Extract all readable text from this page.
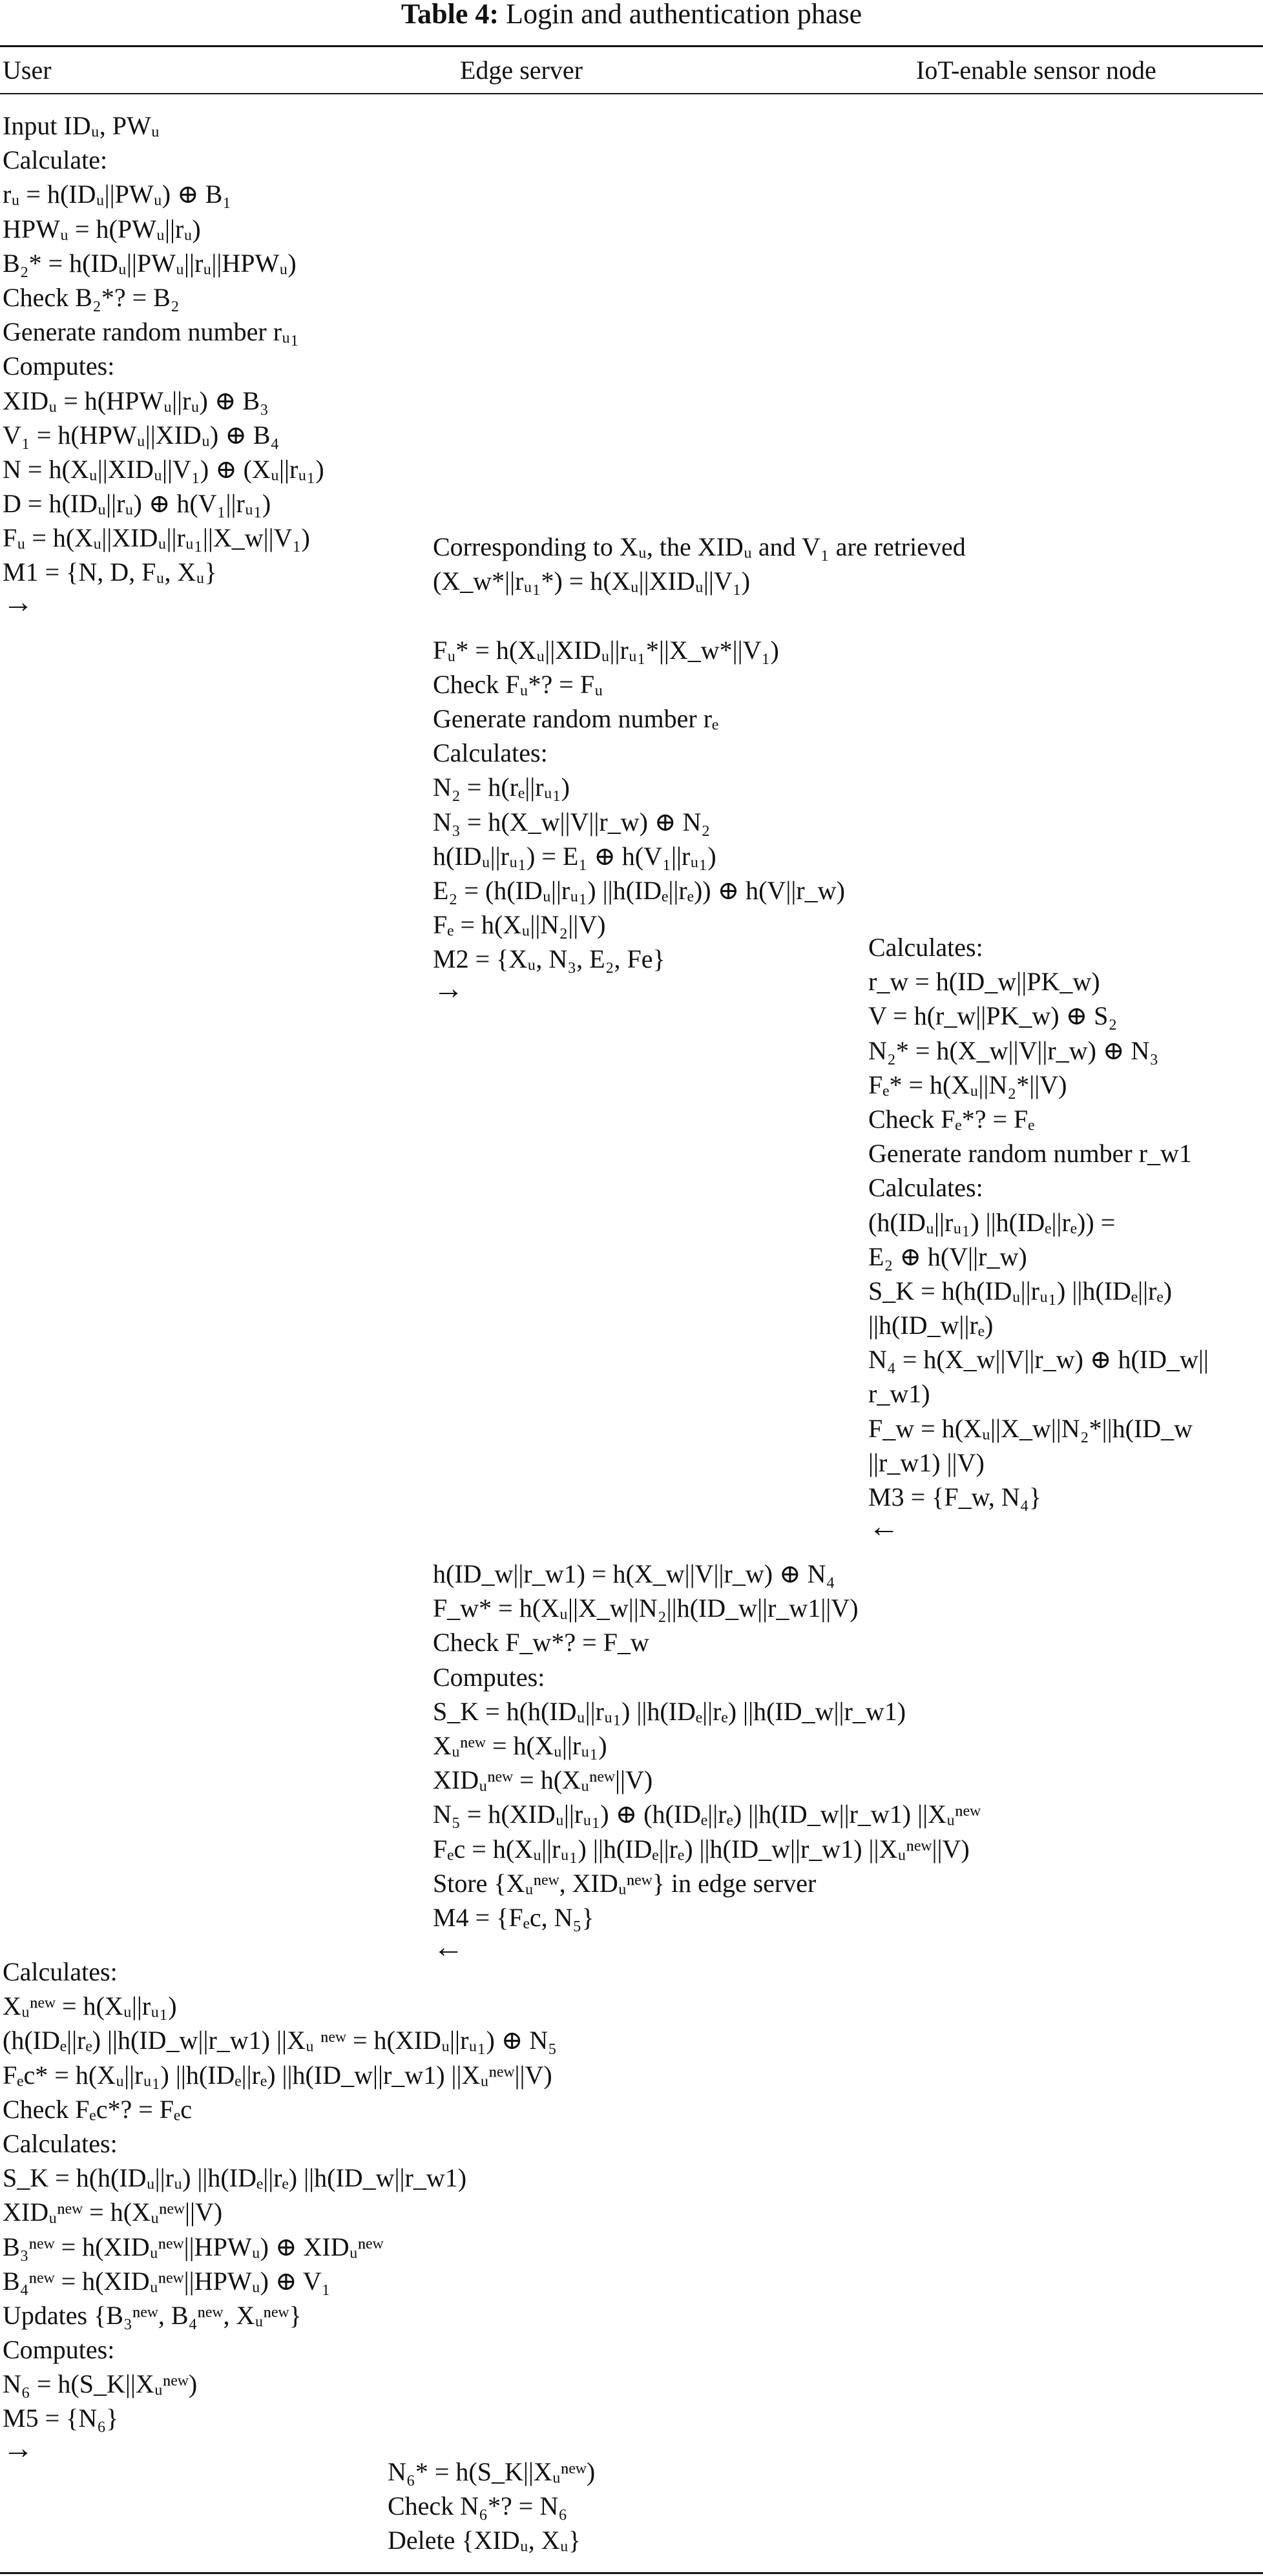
Table 4: Login and authentication phase
User	Edge server	IoT-enable sensor node
Input IDᵤ, PWᵤ
Calculate:
rᵤ = h(IDᵤ||PWᵤ) ⊕ B₁
HPWᵤ = h(PWᵤ||rᵤ)
B₂* = h(IDᵤ||PWᵤ||rᵤ||HPWᵤ)
Check B₂*? = B₂
Generate random number rᵤ₁
Computes:
XIDᵤ = h(HPWᵤ||rᵤ) ⊕ B₃
V₁ = h(HPWᵤ||XIDᵤ) ⊕ B₄
N = h(Xᵤ||XIDᵤ||V₁) ⊕ (Xᵤ||rᵤ₁)
D = h(IDᵤ||rᵤ) ⊕ h(V₁||rᵤ₁)
Fᵤ = h(Xᵤ||XIDᵤ||rᵤ₁||X_w||V₁)
M1 = {N, D, Fᵤ, Xᵤ}
→
Corresponding to Xᵤ, the XIDᵤ and V₁ are retrieved
(X_w*||rᵤ₁*) = h(Xᵤ||XIDᵤ||V₁)
Fᵤ* = h(Xᵤ||XIDᵤ||rᵤ₁*||X_w*||V₁)
Check Fᵤ*? = Fᵤ
Generate random number rₑ
Calculates:
N₂ = h(rₑ||rᵤ₁)
N₃ = h(X_w||V||r_w) ⊕ N₂
h(IDᵤ||rᵤ₁) = E₁ ⊕ h(V₁||rᵤ₁)
E₂ = (h(IDᵤ||rᵤ₁) ||h(IDₑ||rₑ)) ⊕ h(V||r_w)
Fₑ = h(Xᵤ||N₂||V)
M2 = {Xᵤ, N₃, E₂, Fe}
→
Calculates:
r_w = h(ID_w||PK_w)
V = h(r_w||PK_w) ⊕ S₂
N₂* = h(X_w||V||r_w) ⊕ N₃
Fₑ* = h(Xᵤ||N₂*||V)
Check Fₑ*? = Fₑ
Generate random number r_w1
Calculates:
(h(IDᵤ||rᵤ₁) ||h(IDₑ||rₑ)) =
E₂ ⊕ h(V||r_w)
S_K = h(h(IDᵤ||rᵤ₁) ||h(IDₑ||rₑ)
||h(ID_w||rₑ)
N₄ = h(X_w||V||r_w) ⊕ h(ID_w||
r_w1)
F_w = h(Xᵤ||X_w||N₂*||h(ID_w
||r_w1) ||V)
M3 = {F_w, N₄}
←
h(ID_w||r_w1) = h(X_w||V||r_w) ⊕ N₄
F_w* = h(Xᵤ||X_w||N₂||h(ID_w||r_w1||V)
Check F_w*? = F_w
Computes:
S_K = h(h(IDᵤ||rᵤ₁) ||h(IDₑ||rₑ) ||h(ID_w||r_w1)
Xᵤⁿᵉʷ = h(Xᵤ||rᵤ₁)
XIDᵤⁿᵉʷ = h(Xᵤⁿᵉʷ||V)
N₅ = h(XIDᵤ||rᵤ₁) ⊕ (h(IDₑ||rₑ) ||h(ID_w||r_w1) ||Xᵤⁿᵉʷ
Fₑc = h(Xᵤ||rᵤ₁) ||h(IDₑ||rₑ) ||h(ID_w||r_w1) ||Xᵤⁿᵉʷ||V)
Store {Xᵤⁿᵉʷ, XIDᵤⁿᵉʷ} in edge server
M4 = {Fₑc, N₅}
←
Calculates:
Xᵤⁿᵉʷ = h(Xᵤ||rᵤ₁)
(h(IDₑ||rₑ) ||h(ID_w||r_w1) ||Xᵤ ⁿᵉʷ = h(XIDᵤ||rᵤ₁) ⊕ N₅
Fₑc* = h(Xᵤ||rᵤ₁) ||h(IDₑ||rₑ) ||h(ID_w||r_w1) ||Xᵤⁿᵉʷ||V)
Check Fₑc*? = Fₑc
Calculates:
S_K = h(h(IDᵤ||rᵤ) ||h(IDₑ||rₑ) ||h(ID_w||r_w1)
XIDᵤⁿᵉʷ = h(Xᵤⁿᵉʷ||V)
B₃ⁿᵉʷ = h(XIDᵤⁿᵉʷ||HPWᵤ) ⊕ XIDᵤⁿᵉʷ
B₄ⁿᵉʷ = h(XIDᵤⁿᵉʷ||HPWᵤ) ⊕ V₁
Updates {B₃ⁿᵉʷ, B₄ⁿᵉʷ, Xᵤⁿᵉʷ}
Computes:
N₆ = h(S_K||Xᵤⁿᵉʷ)
M5 = {N₆}
→
N₆* = h(S_K||Xᵤⁿᵉʷ)
Check N₆*? = N₆
Delete {XIDᵤ, Xᵤ}
